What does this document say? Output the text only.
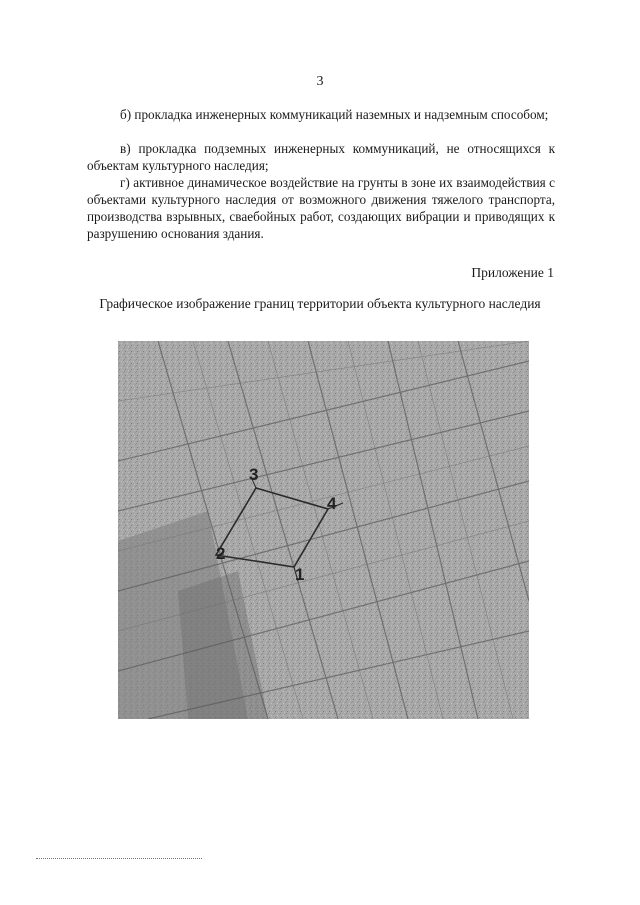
3

б) прокладка инженерных коммуникаций наземных и надземным способом;

в) прокладка подземных инженерных коммуникаций, не относящихся к объектам культурного наследия;

г) активное динамическое воздействие на грунты в зоне их взаимодействия с объектами культурного наследия от возможного движения тяжелого транспорта, производства взрывных, свaeбойных работ, создающих вибрации и приводящих к разрушению основания здания.

Приложение 1
Графическое изображение границ территории объекта культурного наследия
1
2
3
4
